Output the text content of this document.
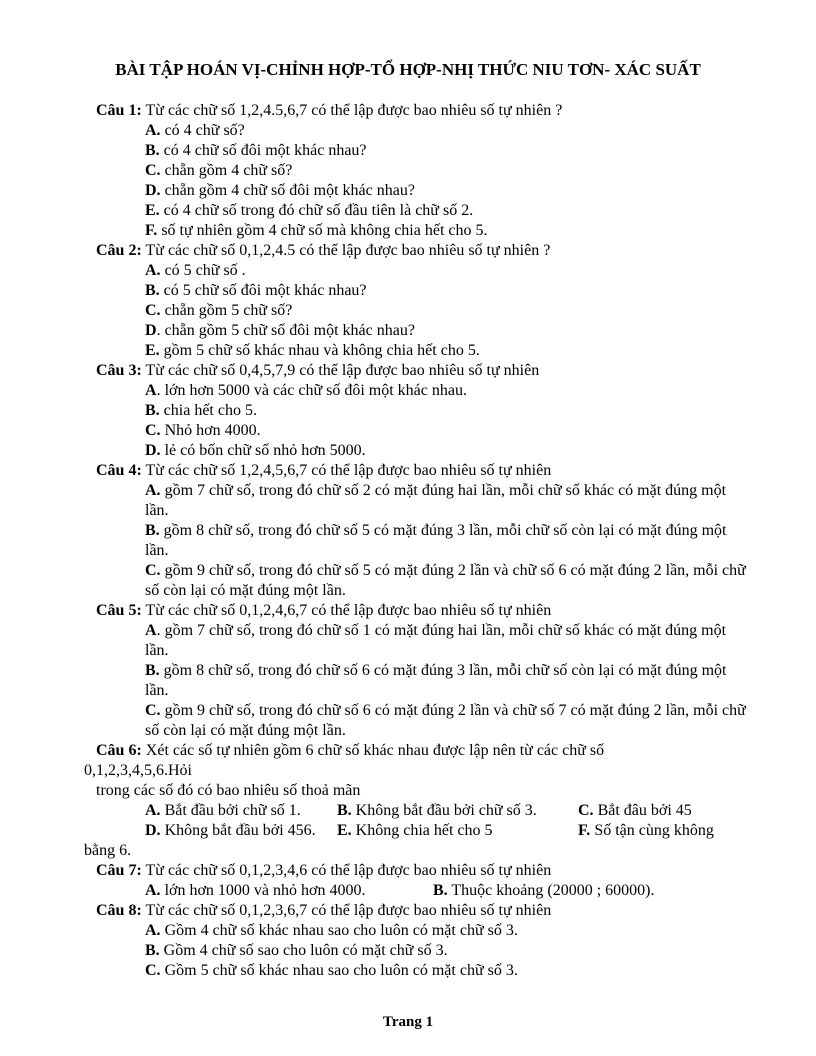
BÀI TẬP HOÁN VỊ-CHỈNH HỢP-TỔ HỢP-NHỊ THỨC NIU TƠN- XÁC SUẤT

Câu 1: Từ các chữ số 1,2,4.5,6,7 có thể lập được bao nhiêu số tự nhiên ?

A. có 4 chữ số?

B. có 4 chữ số đôi một khác nhau?

C. chẵn gồm 4 chữ số?

D. chẵn gồm 4 chữ số đôi một khác nhau?

E. có 4 chữ số trong đó chữ số đầu tiên là chữ số 2.

F. số tự nhiên gồm 4 chữ số mà không chia hết cho 5.

Câu 2: Từ các chữ số 0,1,2,4.5 có thể lập được bao nhiêu số tự nhiên ?

A. có 5 chữ số .

B. có 5 chữ số đôi một khác nhau?

C. chẵn gồm 5 chữ số?

D. chẵn gồm 5 chữ số đôi một khác nhau?

E. gồm 5 chữ số khác nhau và không chia hết cho 5.

Câu 3: Từ các chữ số 0,4,5,7,9 có thể lập được bao nhiêu số tự nhiên

A. lớn hơn 5000 và các chữ số đôi một khác nhau.

B. chia hết cho 5.

C. Nhỏ hơn 4000.

D. lẻ có bốn chữ số nhỏ hơn 5000.

Câu 4: Từ các chữ số 1,2,4,5,6,7 có thể lập được bao nhiêu số tự nhiên

A. gồm 7 chữ số, trong đó chữ số 2 có mặt đúng hai lần, mỗi chữ số khác có mặt đúng một lần.

B. gồm 8 chữ số, trong đó chữ số 5 có mặt đúng 3 lần, mỗi chữ số còn lại có mặt đúng một lần.

C. gồm 9 chữ số, trong đó chữ số 5 có mặt đúng 2 lần và chữ số 6 có mặt đúng 2 lần, mỗi chữ số còn lại có mặt đúng một lần.

Câu 5: Từ các chữ số 0,1,2,4,6,7 có thể lập được bao nhiêu số tự nhiên

A. gồm 7 chữ số, trong đó chữ số 1 có mặt đúng hai lần, mỗi chữ số khác có mặt đúng một lần.

B. gồm 8 chữ số, trong đó chữ số 6 có mặt đúng 3 lần, mỗi chữ số còn lại có mặt đúng một lần.

C. gồm 9 chữ số, trong đó chữ số 6 có mặt đúng 2 lần và chữ số 7 có mặt đúng 2 lần, mỗi chữ số còn lại có mặt đúng một lần.

Câu 6: Xét các số tự nhiên gồm 6 chữ số khác nhau được lập nên từ các chữ số

0,1,2,3,4,5,6.Hỏi

trong các số đó có bao nhiêu số thoả mãn

A. Bắt đầu bởi chữ số 1.	B. Không bắt đầu bởi chữ số 3.	C. Bắt đâu bởi 45
D. Không bắt đầu bởi 456.	E. Không chia hết cho 5	F. Số tận cùng không

bằng 6.

Câu 7: Từ các chữ số 0,1,2,3,4,6 có thể lập được bao nhiêu số tự nhiên

A. lớn hơn 1000 và nhỏ hơn 4000.	B. Thuộc khoảng (20000 ; 60000).

Câu 8: Từ các chữ số 0,1,2,3,6,7 có thể lập được bao nhiêu số tự nhiên

A. Gồm 4 chữ số khác nhau sao cho luôn có mặt chữ số 3.

B. Gồm 4 chữ số sao cho luôn có mặt chữ số 3.

C. Gồm 5 chữ số khác nhau sao cho luôn có mặt chữ số 3.

Trang 1
